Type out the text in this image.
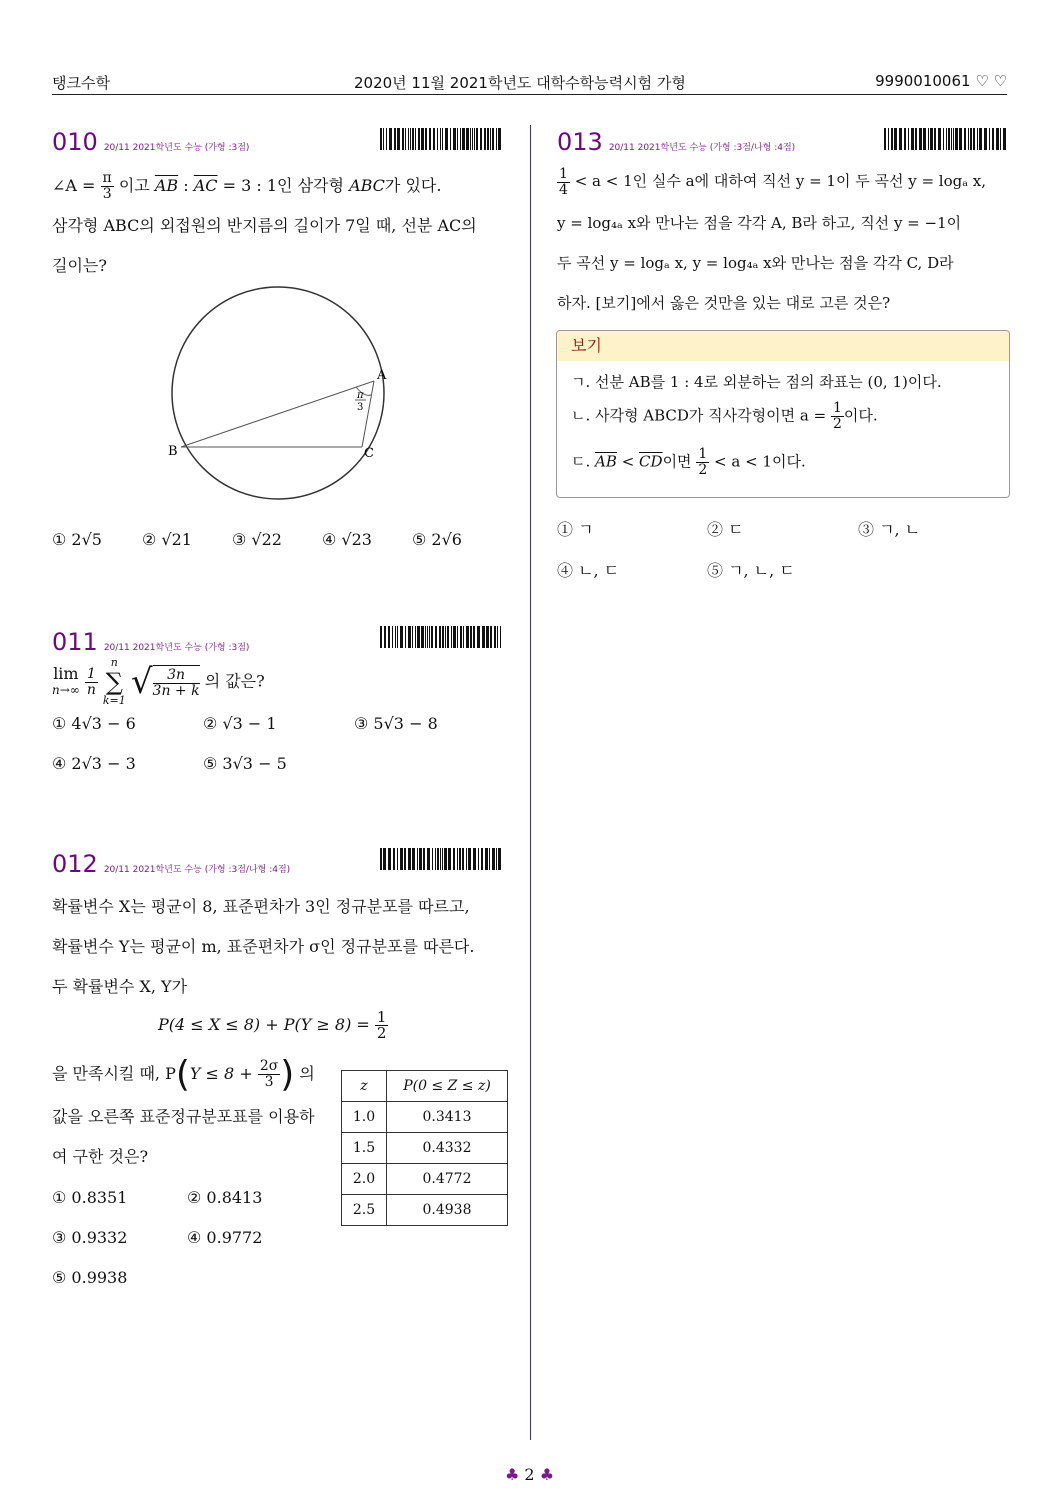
탱크수학	2020년 11월 2021학년도 대학수학능력시험 가형	9990010061 ♡ ♡
010 20/11 2021학년도 수능 (가형 :3점)
∠A = $\frac{\pi}{3}$ 이고 $\overline{AB}$ : $\overline{AC} = 3$ : 1인 삼각형 ABC가 있다.
삼각형 ABC의 외접원의 반지름의 길이가 7일 때, 선분 AC의
길이는?
A
B	C
π
3
① 2√5	② √21	③ √22	④ √23	⑤ 2√6
011 20/11 2021학년도 수능 (가형 :3점)
lim
n→∞
$\frac{1}{n}$

n
∑
k=1 √ $\frac{3n}{3n + k}$ 의 값은?
① 4√3 − 6	② √3 − 1	③ 5√3 − 8
④ 2√3 − 3	⑤ 3√3 − 5
012 20/11 2021학년도 수능 (가형 :3점/나형 :4점)
확률변수 X는 평균이 8, 표준편차가 3인 정규분포를 따르고,
확률변수 Y는 평균이 m, 표준편차가 σ인 정규분포를 따른다.
두 확률변수 X, Y가
$P(4 \le X \le 8) + P(Y \ge 8) = \frac{1}{2}$
을 만족시킬 때, $P(Y \le 8 + \frac{2\sigma}{3}$ ) 의
값을 오른쪽 표준정규분포표를 이용하
여 구한 것은?
z	P(0 ≤ Z ≤ z)
1.0	0.3413
1.5	0.4332
2.0	0.4772
2.5	0.4938
① 0.8351	② 0.8413
③ 0.9332	④ 0.9772
⑤ 0.9938
013 20/11 2021학년도 수능 (가형 :3점/나형 :4점)
$\frac{1}{4} < a < 1$인 실수 a에 대하여 직선 y = 1이 두 곡선 y = logₐ x,
y = log₄ₐ x와 만나는 점을 각각 A, B라 하고, 직선 y = −1이
두 곡선 y = logₐ x, y = log₄ₐ x와 만나는 점을 각각 C, D라
하자. [보기]에서 옳은 것만을 있는 대로 고른 것은?
보기
ㄱ. 선분 AB를 1 : 4로 외분하는 점의 좌표는 (0, 1)이다.
ㄴ. 사각형 ABCD가 직사각형이면 $a = \frac{1}{2}$ 이다.
ㄷ. $\overline{AB} < \overline{CD}$이면 $\frac{1}{2} < a < 1$이다.
① ㄱ	② ㄷ	③ ㄱ, ㄴ
④ ㄴ, ㄷ	⑤ ㄱ, ㄴ, ㄷ
♣ 2 ♣
